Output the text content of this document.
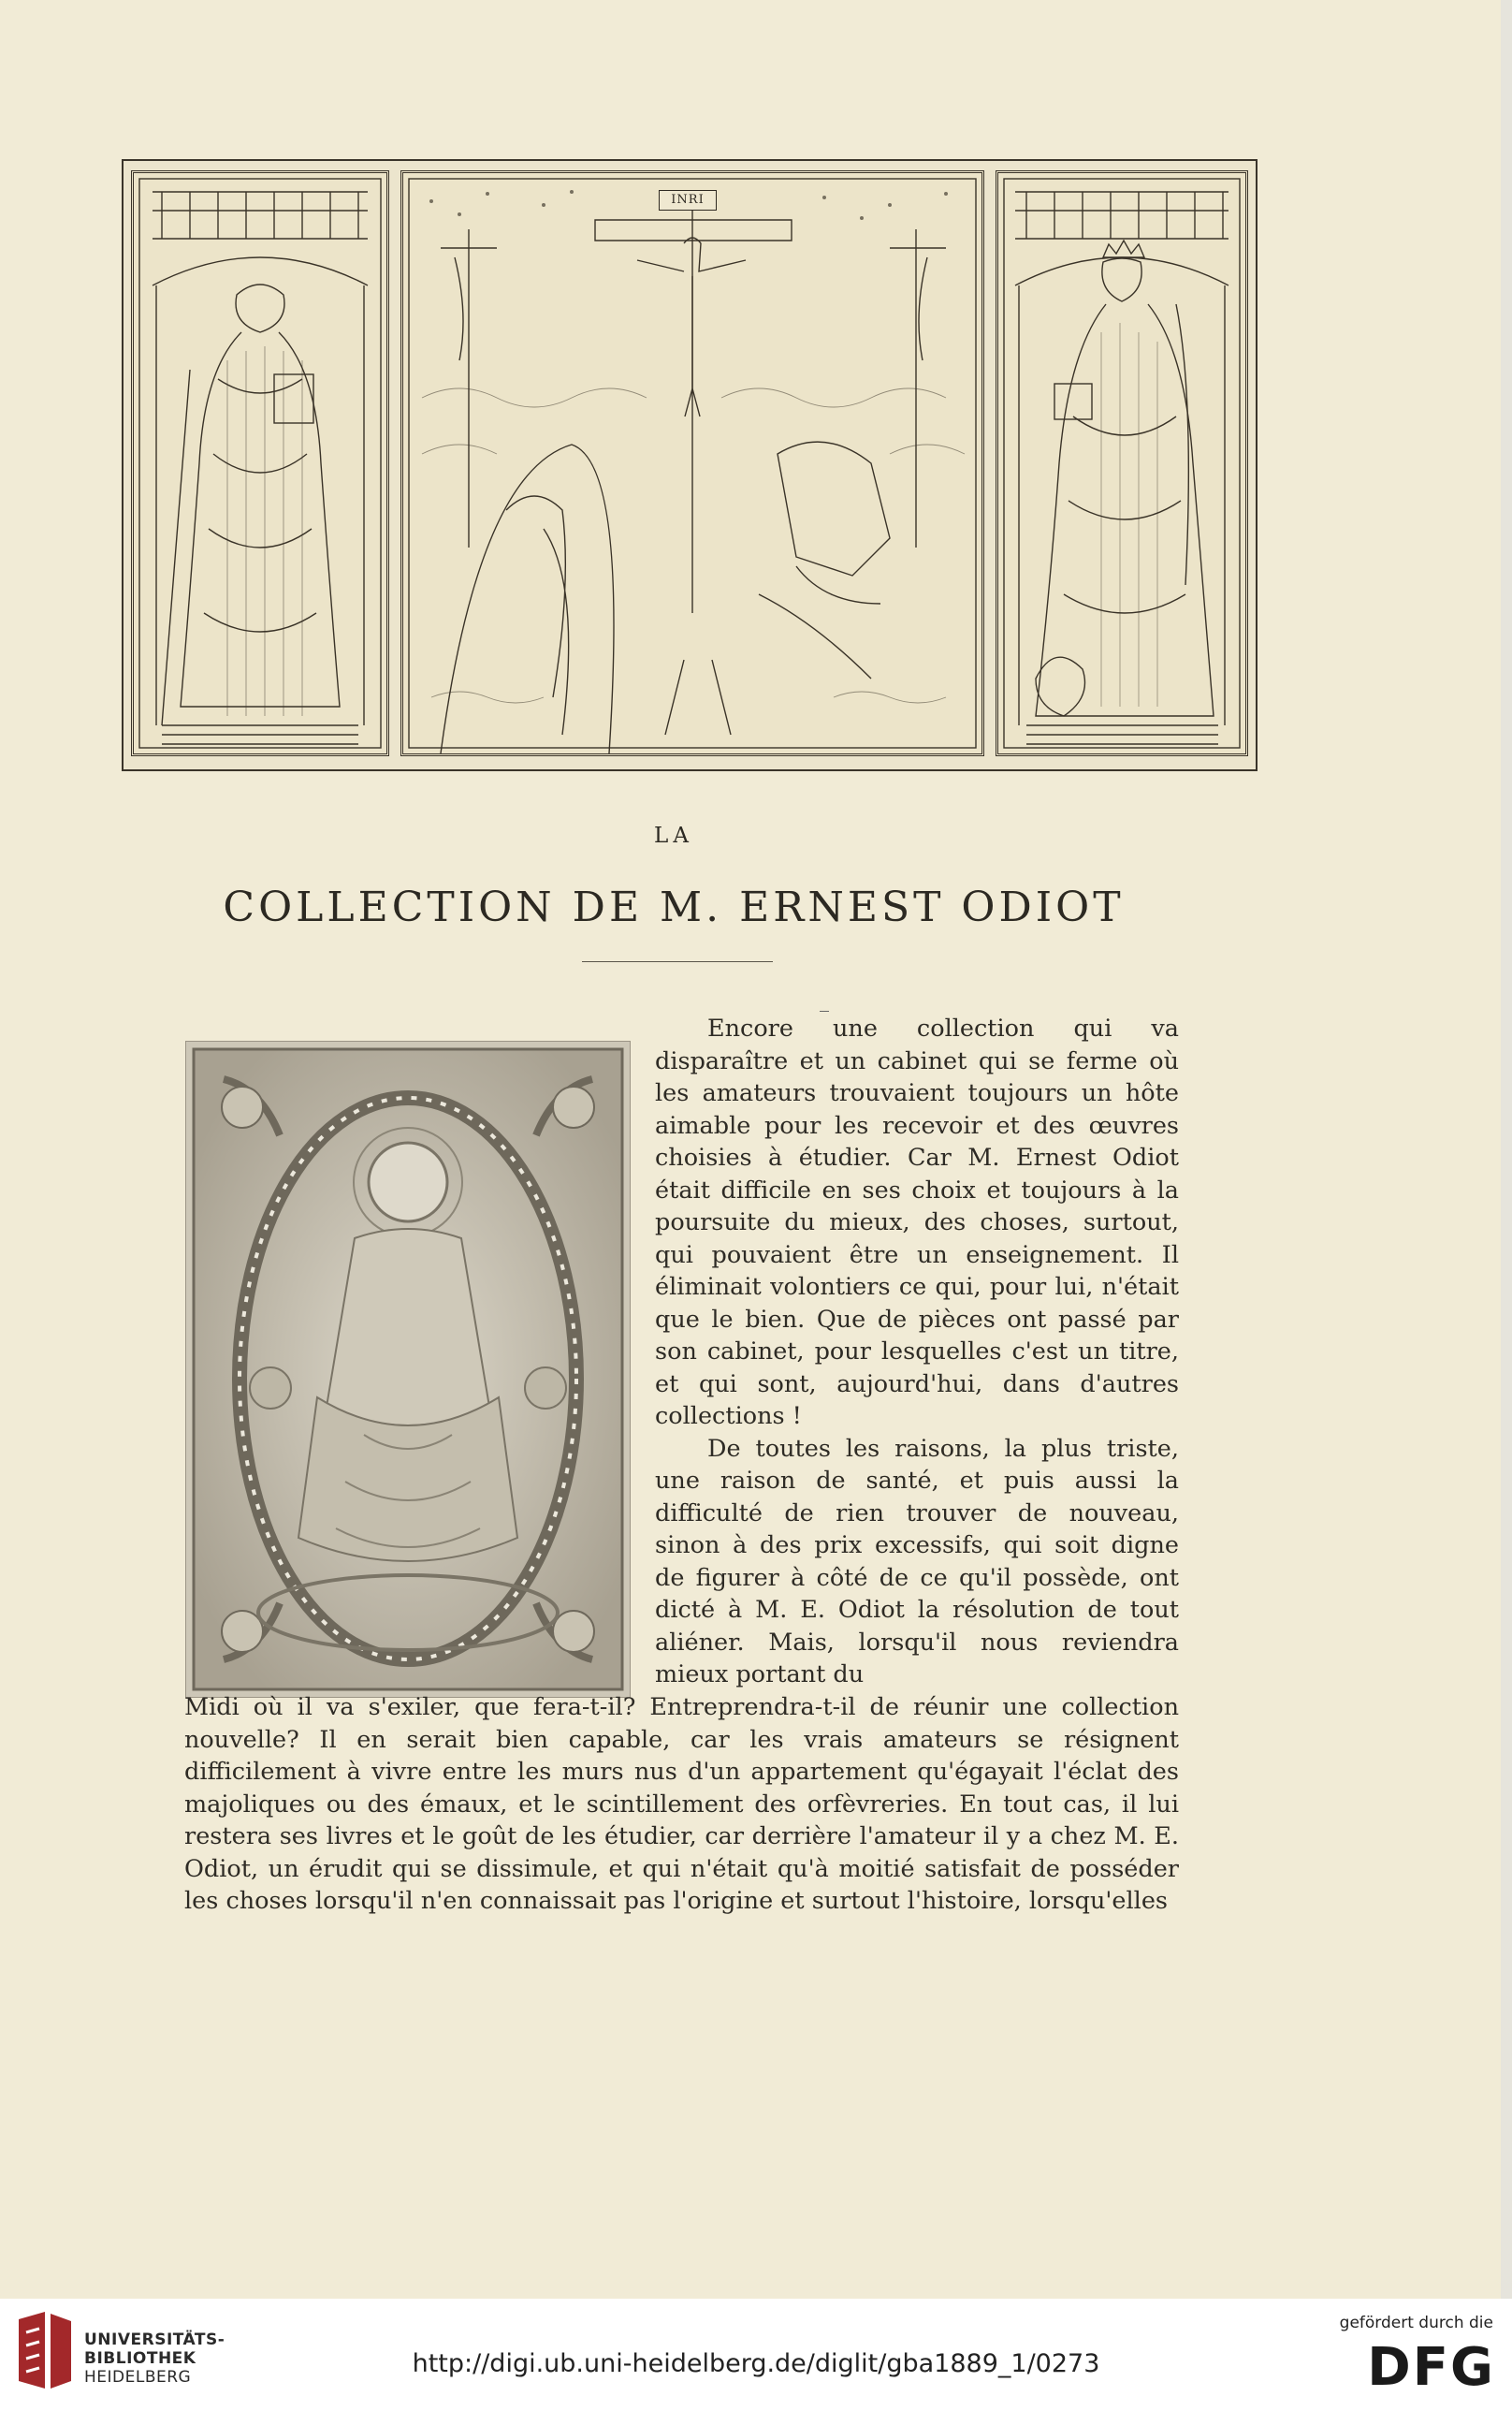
INRI
LA
COLLECTION DE M. ERNEST ODIOT

Encore une collection qui va disparaître et un cabinet qui se ferme où les amateurs trouvaient toujours un hôte aimable pour les recevoir et des œuvres choisies à étudier. Car M. Ernest Odiot était difficile en ses choix et toujours à la poursuite du mieux, des choses, surtout, qui pouvaient être un enseignement. Il éliminait volontiers ce qui, pour lui, n'était que le bien. Que de pièces ont passé par son cabinet, pour lesquelles c'est un titre, et qui sont, aujourd'hui, dans d'autres collections !

De toutes les raisons, la plus triste, une raison de santé, et puis aussi la difficulté de rien trouver de nouveau, sinon à des prix excessifs, qui soit digne de figurer à côté de ce qu'il possède, ont dicté à M. E. Odiot la résolution de tout aliéner. Mais, lorsqu'il nous reviendra mieux portant du

Midi où il va s'exiler, que fera-t-il? Entreprendra-t-il de réunir une collection nouvelle? Il en serait bien capable, car les vrais amateurs se résignent difficilement à vivre entre les murs nus d'un appartement qu'égayait l'éclat des majoliques ou des émaux, et le scintillement des orfèvreries. En tout cas, il lui restera ses livres et le goût de les étudier, car derrière l'amateur il y a chez M. E. Odiot, un érudit qui se dissimule, et qui n'était qu'à moitié satisfait de posséder les choses lorsqu'il n'en connaissait pas l'origine et surtout l'histoire, lorsqu'elles
UNIVERSITÄTS-
BIBLIOTHEK
HEIDELBERG	http://digi.ub.uni-heidelberg.de/diglit/gba1889_1/0273
gefördert durch die
DFG
